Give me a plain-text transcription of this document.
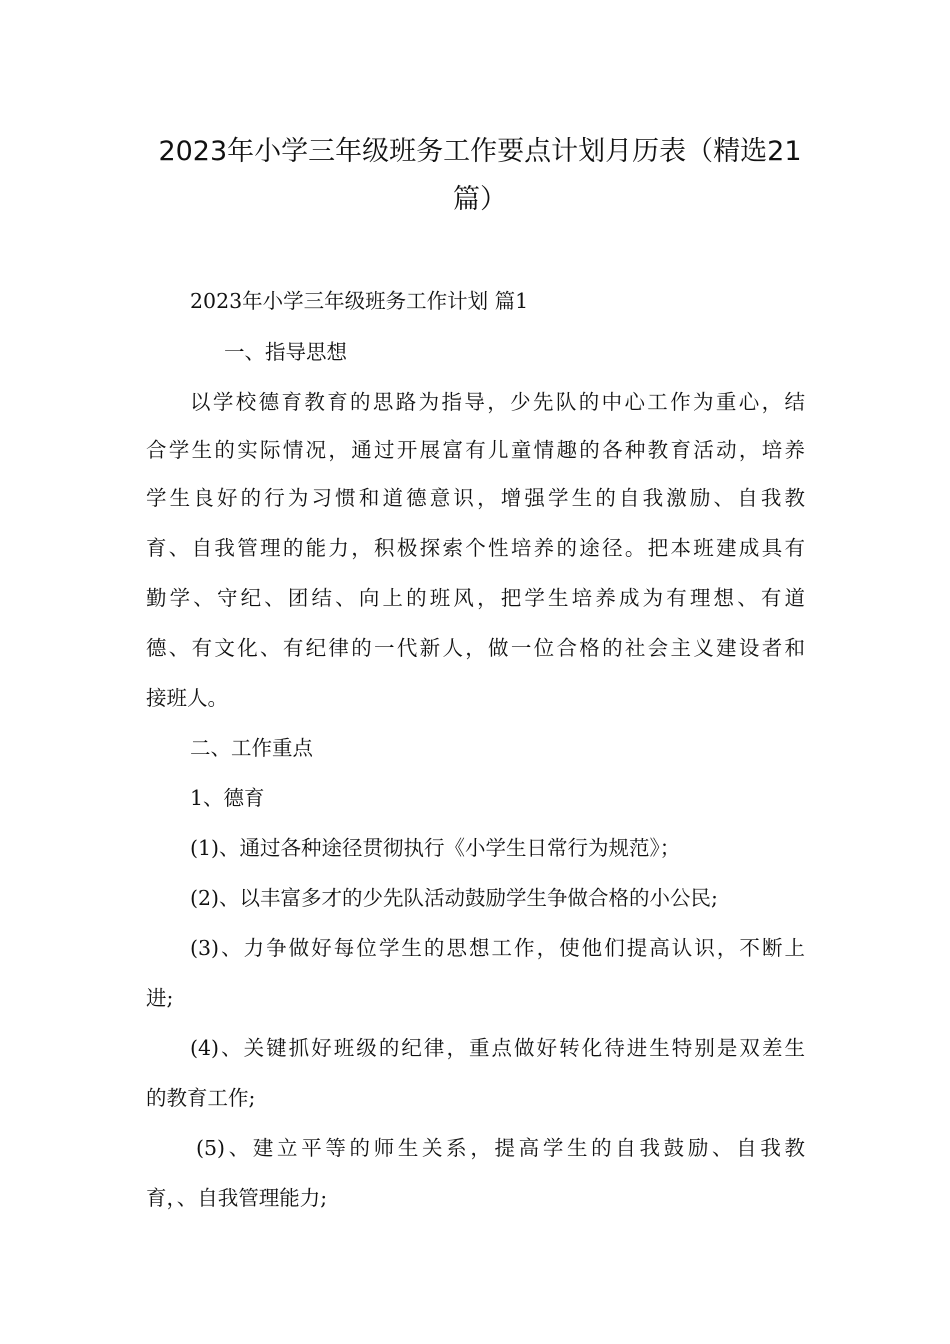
2023年小学三年级班务工作要点计划月历表（精选21
篇）
2023年小学三年级班务工作计划 篇1
一、指导思想
以学校德育教育的思路为指导，少先队的中心工作为重心，结
合学生的实际情况，通过开展富有儿童情趣的各种教育活动，培养
学生良好的行为习惯和道德意识，增强学生的自我激励、自我教
育、自我管理的能力，积极探索个性培养的途径。把本班建成具有
勤学、守纪、团结、向上的班风，把学生培养成为有理想、有道
德、有文化、有纪律的一代新人，做一位合格的社会主义建设者和
接班人。
二、工作重点
1、德育
(1)、通过各种途径贯彻执行《小学生日常行为规范》；
(2)、以丰富多才的少先队活动鼓励学生争做合格的小公民;
(3)、力争做好每位学生的思想工作，使他们提高认识，不断上
进;
(4)、关键抓好班级的纪律，重点做好转化待进生特别是双差生
的教育工作;
(5)、建立平等的师生关系，提高学生的自我鼓励、自我教
育，、自我管理能力;
